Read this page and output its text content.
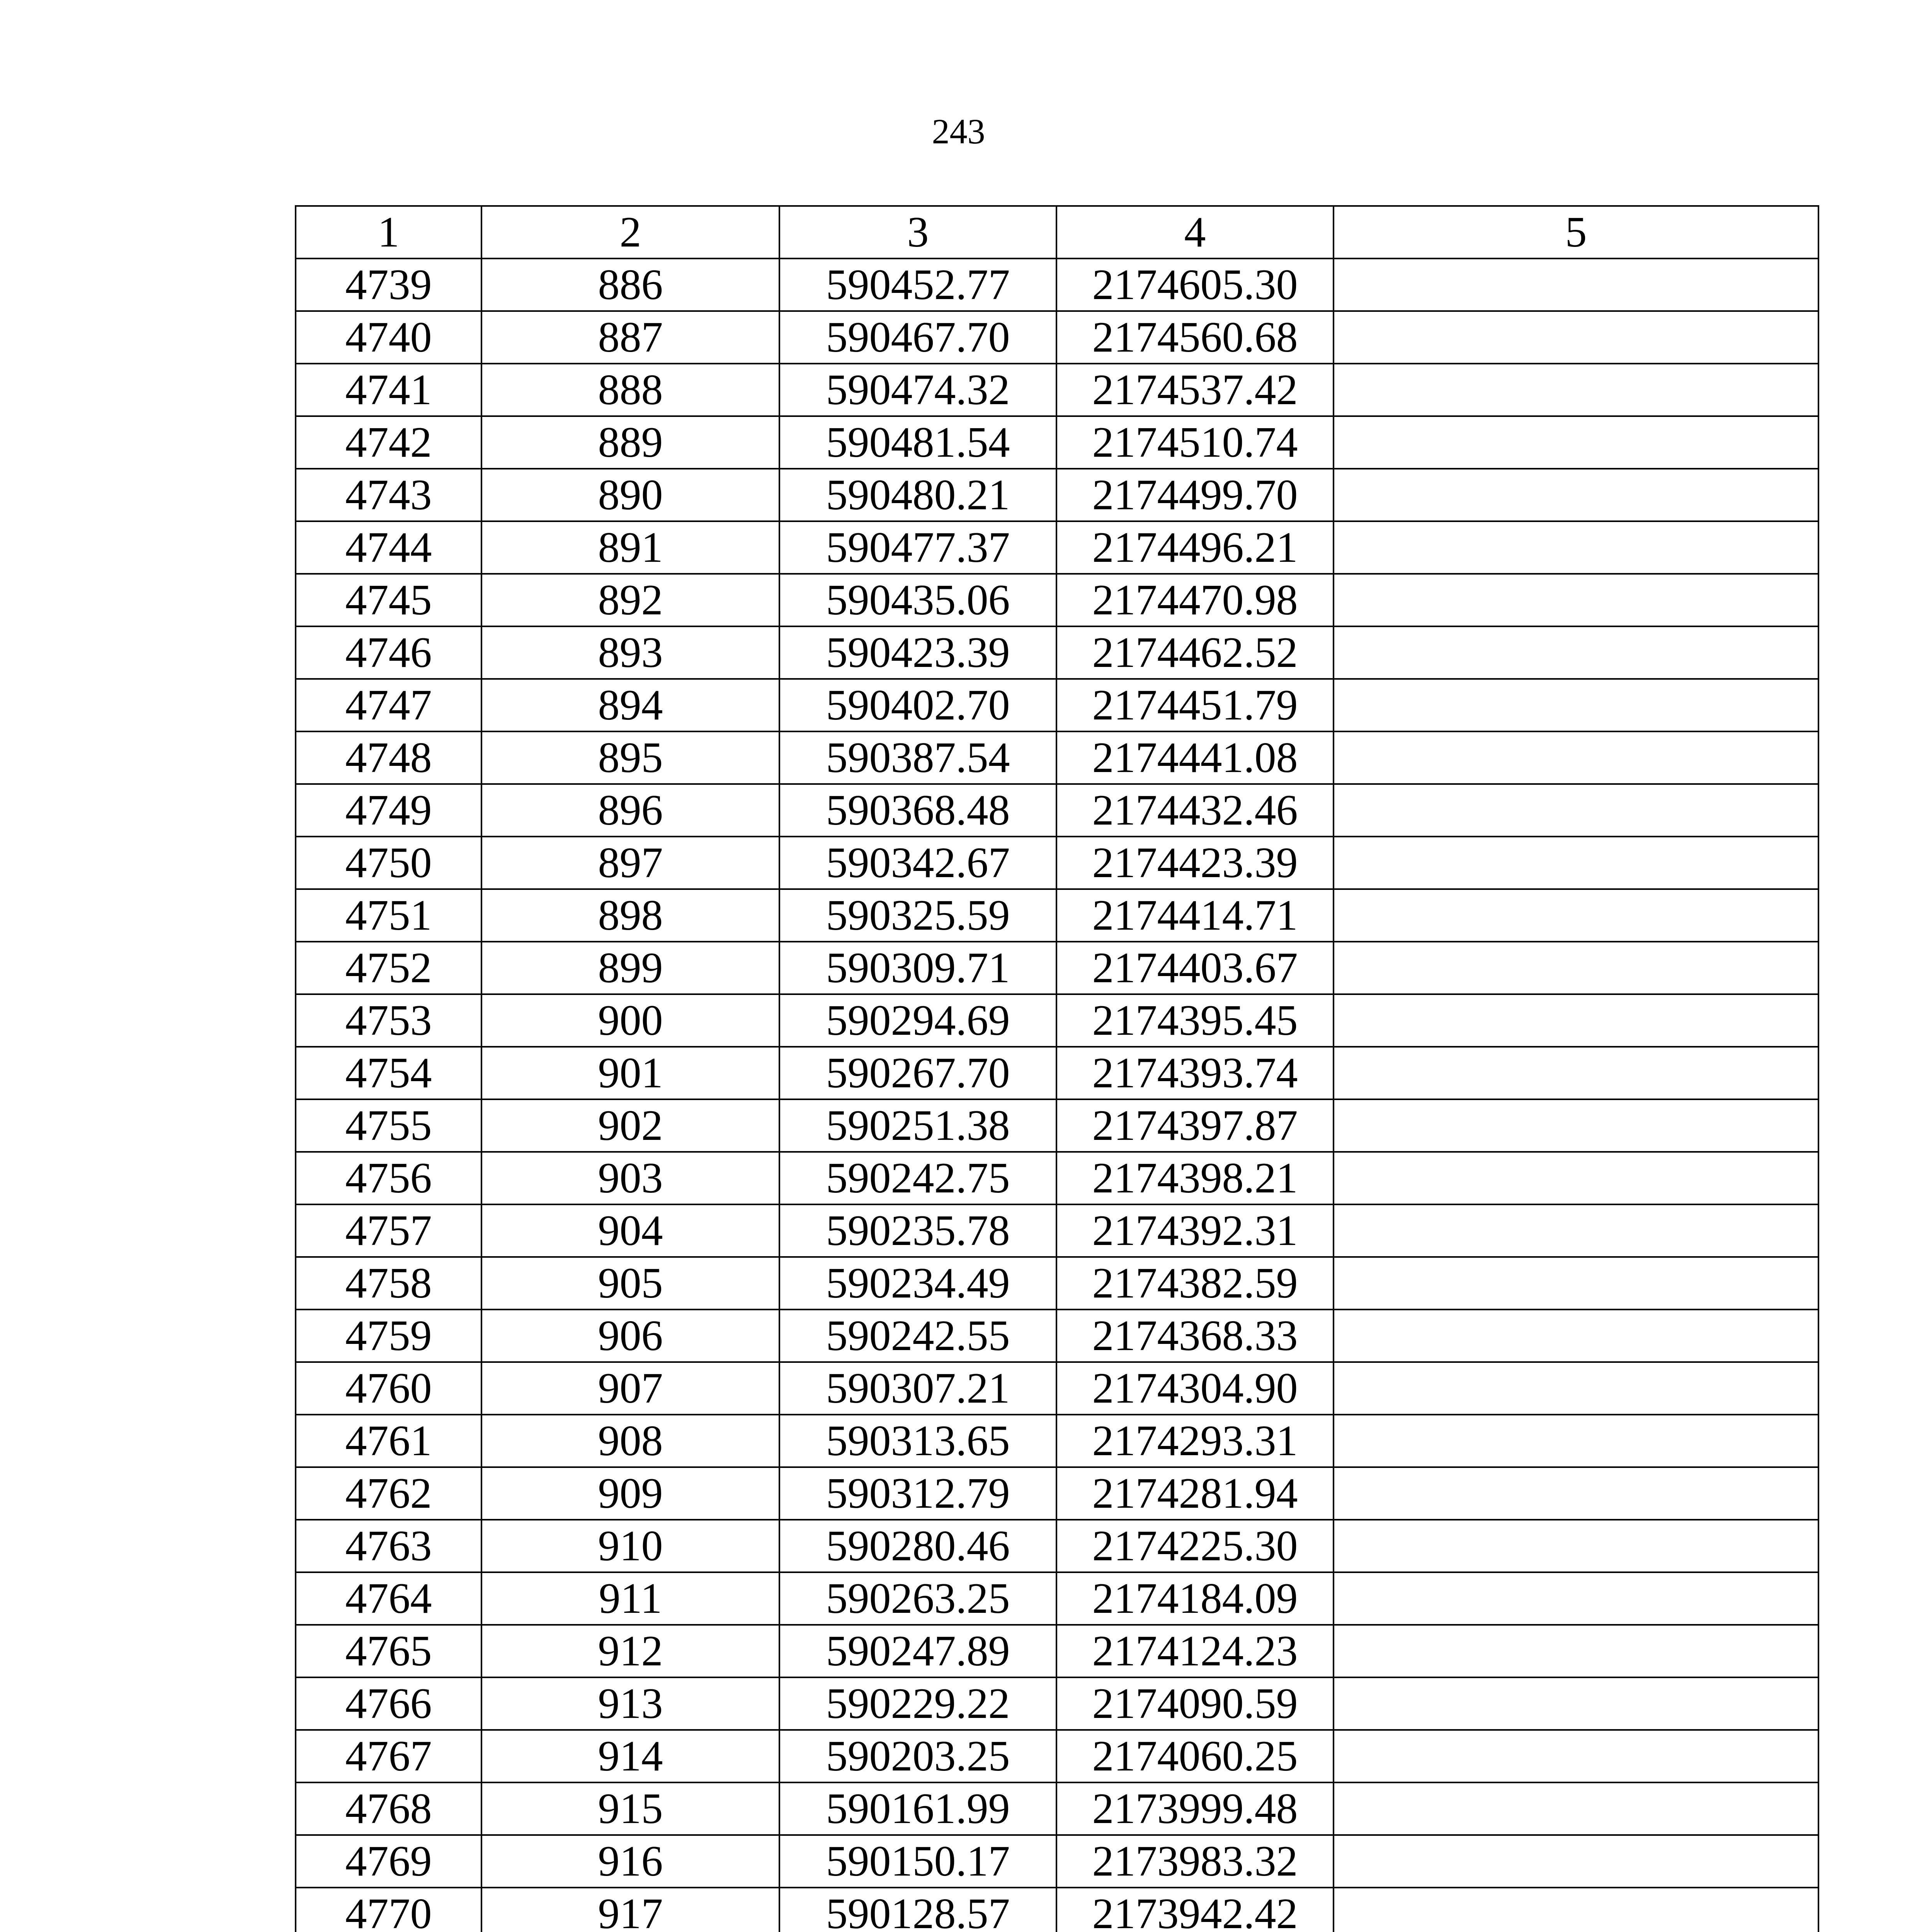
243
1	2	3	4	5
4739	886	590452.77	2174605.30	
4740	887	590467.70	2174560.68	
4741	888	590474.32	2174537.42	
4742	889	590481.54	2174510.74	
4743	890	590480.21	2174499.70	
4744	891	590477.37	2174496.21	
4745	892	590435.06	2174470.98	
4746	893	590423.39	2174462.52	
4747	894	590402.70	2174451.79	
4748	895	590387.54	2174441.08	
4749	896	590368.48	2174432.46	
4750	897	590342.67	2174423.39	
4751	898	590325.59	2174414.71	
4752	899	590309.71	2174403.67	
4753	900	590294.69	2174395.45	
4754	901	590267.70	2174393.74	
4755	902	590251.38	2174397.87	
4756	903	590242.75	2174398.21	
4757	904	590235.78	2174392.31	
4758	905	590234.49	2174382.59	
4759	906	590242.55	2174368.33	
4760	907	590307.21	2174304.90	
4761	908	590313.65	2174293.31	
4762	909	590312.79	2174281.94	
4763	910	590280.46	2174225.30	
4764	911	590263.25	2174184.09	
4765	912	590247.89	2174124.23	
4766	913	590229.22	2174090.59	
4767	914	590203.25	2174060.25	
4768	915	590161.99	2173999.48	
4769	916	590150.17	2173983.32	
4770	917	590128.57	2173942.42	
